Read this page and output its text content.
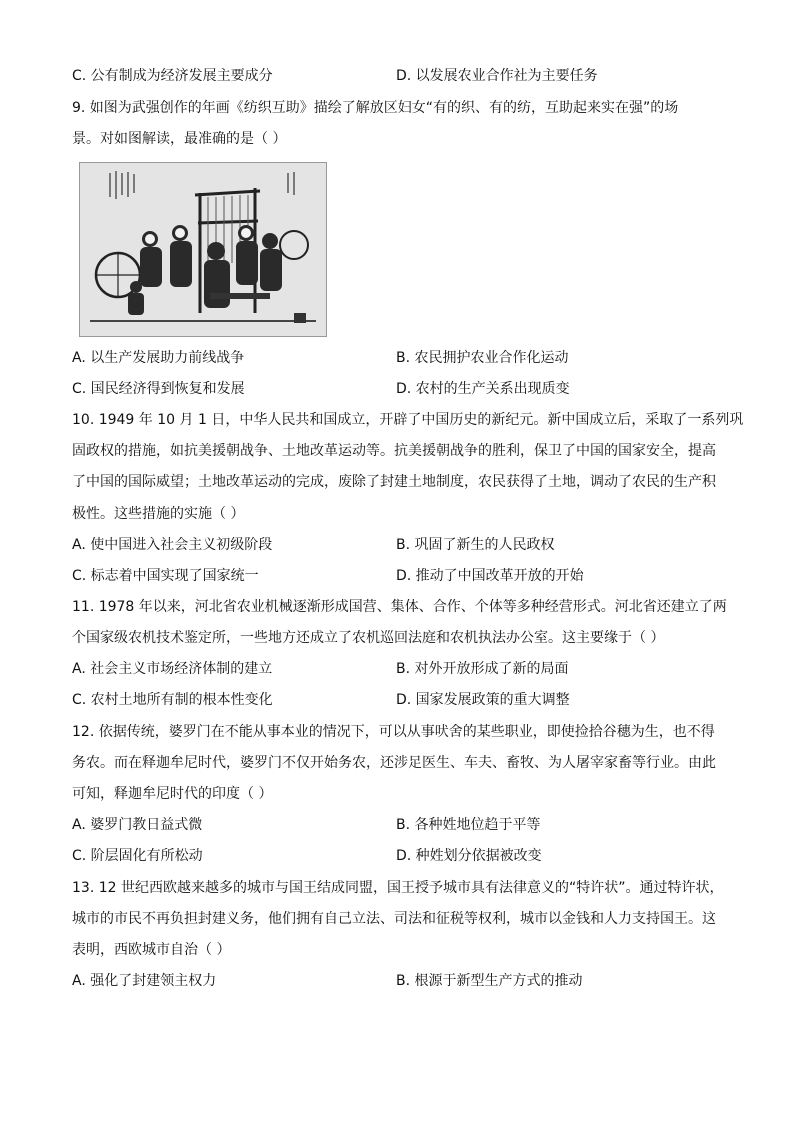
C. 公有制成为经济发展主要成分	D. 以发展农业合作社为主要任务
9. 如图为武强创作的年画《纺织互助》描绘了解放区妇女“有的织、有的纺，互助起来实在强”的场
景。对如图解读，最准确的是（ ）
A. 以生产发展助力前线战争	B. 农民拥护农业合作化运动
C. 国民经济得到恢复和发展	D. 农村的生产关系出现质变
10. 1949 年 10 月 1 日，中华人民共和国成立，开辟了中国历史的新纪元。新中国成立后，采取了一系列巩
固政权的措施，如抗美援朝战争、土地改革运动等。抗美援朝战争的胜利，保卫了中国的国家安全，提高
了中国的国际威望；土地改革运动的完成，废除了封建土地制度，农民获得了土地，调动了农民的生产积
极性。这些措施的实施（ ）
A. 使中国进入社会主义初级阶段	B. 巩固了新生的人民政权
C. 标志着中国实现了国家统一	D. 推动了中国改革开放的开始
11. 1978 年以来，河北省农业机械逐渐形成国营、集体、合作、个体等多种经营形式。河北省还建立了两
个国家级农机技术鉴定所，一些地方还成立了农机巡回法庭和农机执法办公室。这主要缘于（ ）
A. 社会主义市场经济体制的建立	B. 对外开放形成了新的局面
C. 农村土地所有制的根本性变化	D. 国家发展政策的重大调整
12. 依据传统，婆罗门在不能从事本业的情况下，可以从事吠舍的某些职业，即使捡拾谷穗为生，也不得
务农。而在释迦牟尼时代，婆罗门不仅开始务农，还涉足医生、车夫、畜牧、为人屠宰家畜等行业。由此
可知，释迦牟尼时代的印度（ ）
A. 婆罗门教日益式微	B. 各种姓地位趋于平等
C. 阶层固化有所松动	D. 种姓划分依据被改变
13. 12 世纪西欧越来越多的城市与国王结成同盟，国王授予城市具有法律意义的“特许状”。通过特许状，
城市的市民不再负担封建义务，他们拥有自己立法、司法和征税等权利，城市以金钱和人力支持国王。这
表明，西欧城市自治（ ）
A. 强化了封建领主权力	B. 根源于新型生产方式的推动
